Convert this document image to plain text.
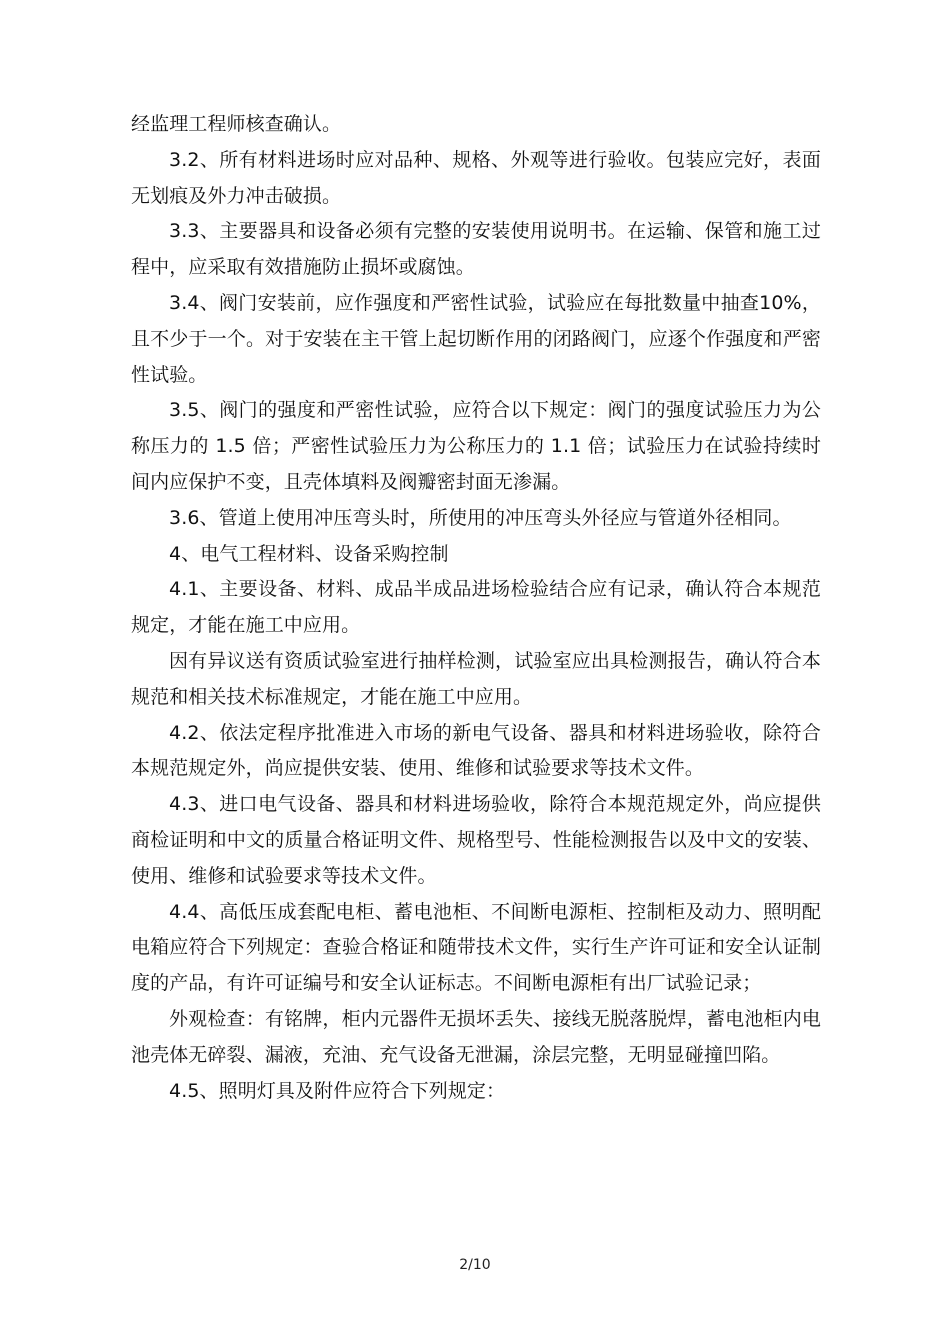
经监理工程师核查确认。

3.2、所有材料进场时应对品种、规格、外观等进行验收。包装应完好，表面无划痕及外力冲击破损。

3.3、主要器具和设备必须有完整的安装使用说明书。在运输、保管和施工过程中，应采取有效措施防止损坏或腐蚀。

3.4、阀门安装前，应作强度和严密性试验，试验应在每批数量中抽查10%，且不少于一个。对于安装在主干管上起切断作用的闭路阀门，应逐个作强度和严密性试验。

3.5、阀门的强度和严密性试验，应符合以下规定：阀门的强度试验压力为公称压力的 1.5 倍；严密性试验压力为公称压力的 1.1 倍；试验压力在试验持续时间内应保护不变，且壳体填料及阀瓣密封面无渗漏。

3.6、管道上使用冲压弯头时，所使用的冲压弯头外径应与管道外径相同。

4、电气工程材料、设备采购控制

4.1、主要设备、材料、成品半成品进场检验结合应有记录，确认符合本规范规定，才能在施工中应用。

因有异议送有资质试验室进行抽样检测，试验室应出具检测报告，确认符合本规范和相关技术标准规定，才能在施工中应用。

4.2、依法定程序批准进入市场的新电气设备、器具和材料进场验收，除符合本规范规定外，尚应提供安装、使用、维修和试验要求等技术文件。

4.3、进口电气设备、器具和材料进场验收，除符合本规范规定外，尚应提供商检证明和中文的质量合格证明文件、规格型号、性能检测报告以及中文的安装、使用、维修和试验要求等技术文件。

4.4、高低压成套配电柜、蓄电池柜、不间断电源柜、控制柜及动力、照明配电箱应符合下列规定：查验合格证和随带技术文件，实行生产许可证和安全认证制度的产品，有许可证编号和安全认证标志。不间断电源柜有出厂试验记录；

外观检查：有铭牌，柜内元器件无损坏丢失、接线无脱落脱焊，蓄电池柜内电池壳体无碎裂、漏液，充油、充气设备无泄漏，涂层完整，无明显碰撞凹陷。

4.5、照明灯具及附件应符合下列规定：

2/10
